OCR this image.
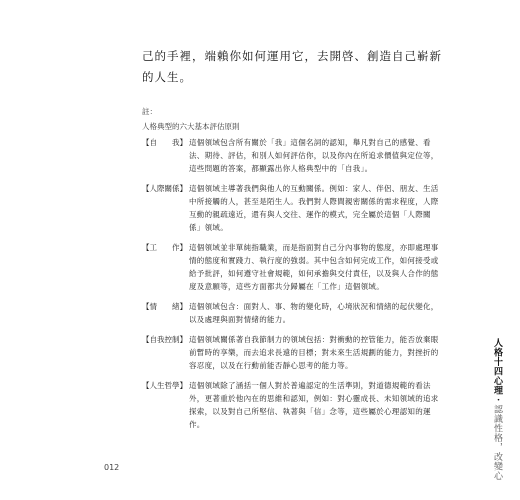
己的手裡，端賴你如何運用它，去開啓、創造自己嶄新的人生。

註：
人格典型的六大基本評估原則
【自　　我】 這個領域包含所有關於「我」這個名詞的認知，舉凡對自己的感覺、看法、期待、評估，和別人如何評估你，以及你內在所追求價值與定位等，這些問題的答案，都顯露出你人格典型中的「自我」。
【人際關係】 這個領域主導著我們與他人的互動關係。例如：家人、伴侶、朋友、生活中所接觸的人，甚至是陌生人。我們對人際間親密關係的需求程度，人際互動的親疏遠近，還有與人交往、運作的模式，完全屬於這個「人際關係」領域。
【工　　作】 這個領域並非單純指職業，而是指面對自己分內事物的態度，亦即處理事情的態度和實踐力、執行度的強弱。其中包含如何完成工作，如何接受或給予批評，如何遵守社會規範，如何承擔與交付責任，以及與人合作的態度及意願等，這些方面都共分歸屬在「工作」這個領域。
【情　　緒】 這個領域包含：面對人、事、物的變化時，心境狀況和情緒的起伏變化，以及處理與面對情緒的能力。
【自我控制】 這個領域關係著自我節制力的領域包括：對衝動的控管能力，能否放棄眼前暫時的享樂，而去追求長遠的目標；對未來生活規劃的能力，對挫折的容忍度，以及在行動前能否靜心思考的能力等。
【人生哲學】 這個領域除了涵括一個人對於普遍認定的生活準則，對道德規範的看法外，更著重於他內在的思維和認知，例如：對心靈成長、未知領域的追求探索，以及對自己所堅信、執著與「信」念等，這些屬於心理認知的運作。
人格十四心理・認識性格，改變心
012
